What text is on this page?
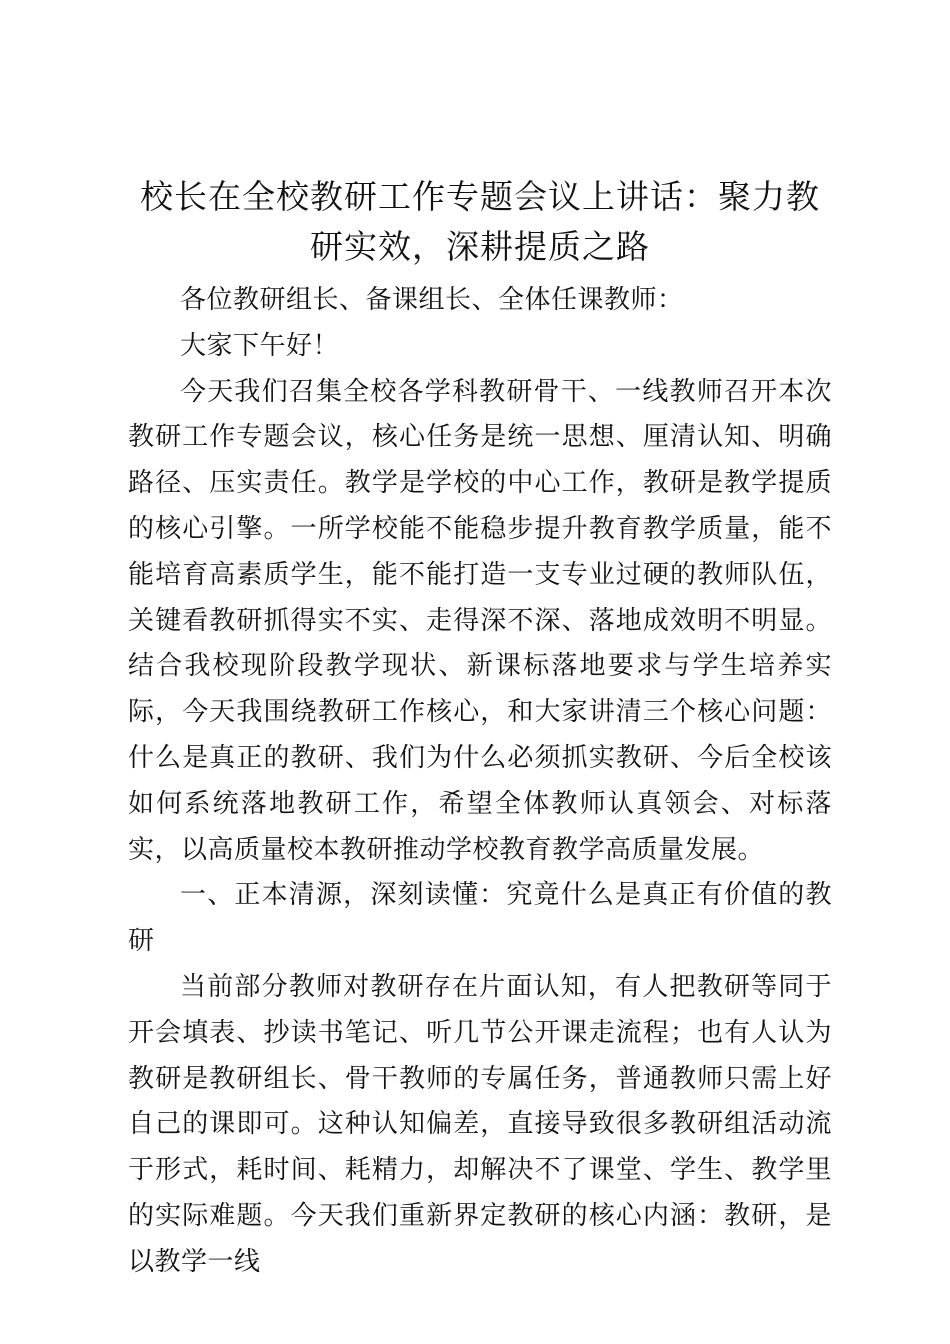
校长在全校教研工作专题会议上讲话：聚力教研实效，深耕提质之路

各位教研组长、备课组长、全体任课教师：

大家下午好！

今天我们召集全校各学科教研骨干、一线教师召开本次教研工作专题会议，核心任务是统一思想、厘清认知、明确路径、压实责任。教学是学校的中心工作，教研是教学提质的核心引擎。一所学校能不能稳步提升教育教学质量，能不能培育高素质学生，能不能打造一支专业过硬的教师队伍，关键看教研抓得实不实、走得深不深、落地成效明不明显。结合我校现阶段教学现状、新课标落地要求与学生培养实际，今天我围绕教研工作核心，和大家讲清三个核心问题：什么是真正的教研、我们为什么必须抓实教研、今后全校该如何系统落地教研工作，希望全体教师认真领会、对标落实，以高质量校本教研推动学校教育教学高质量发展。

一、正本清源，深刻读懂：究竟什么是真正有价值的教研

当前部分教师对教研存在片面认知，有人把教研等同于开会填表、抄读书笔记、听几节公开课走流程；也有人认为教研是教研组长、骨干教师的专属任务，普通教师只需上好自己的课即可。这种认知偏差，直接导致很多教研组活动流于形式，耗时间、耗精力，却解决不了课堂、学生、教学里的实际难题。今天我们重新界定教研的核心内涵：教研，是以教学一线
